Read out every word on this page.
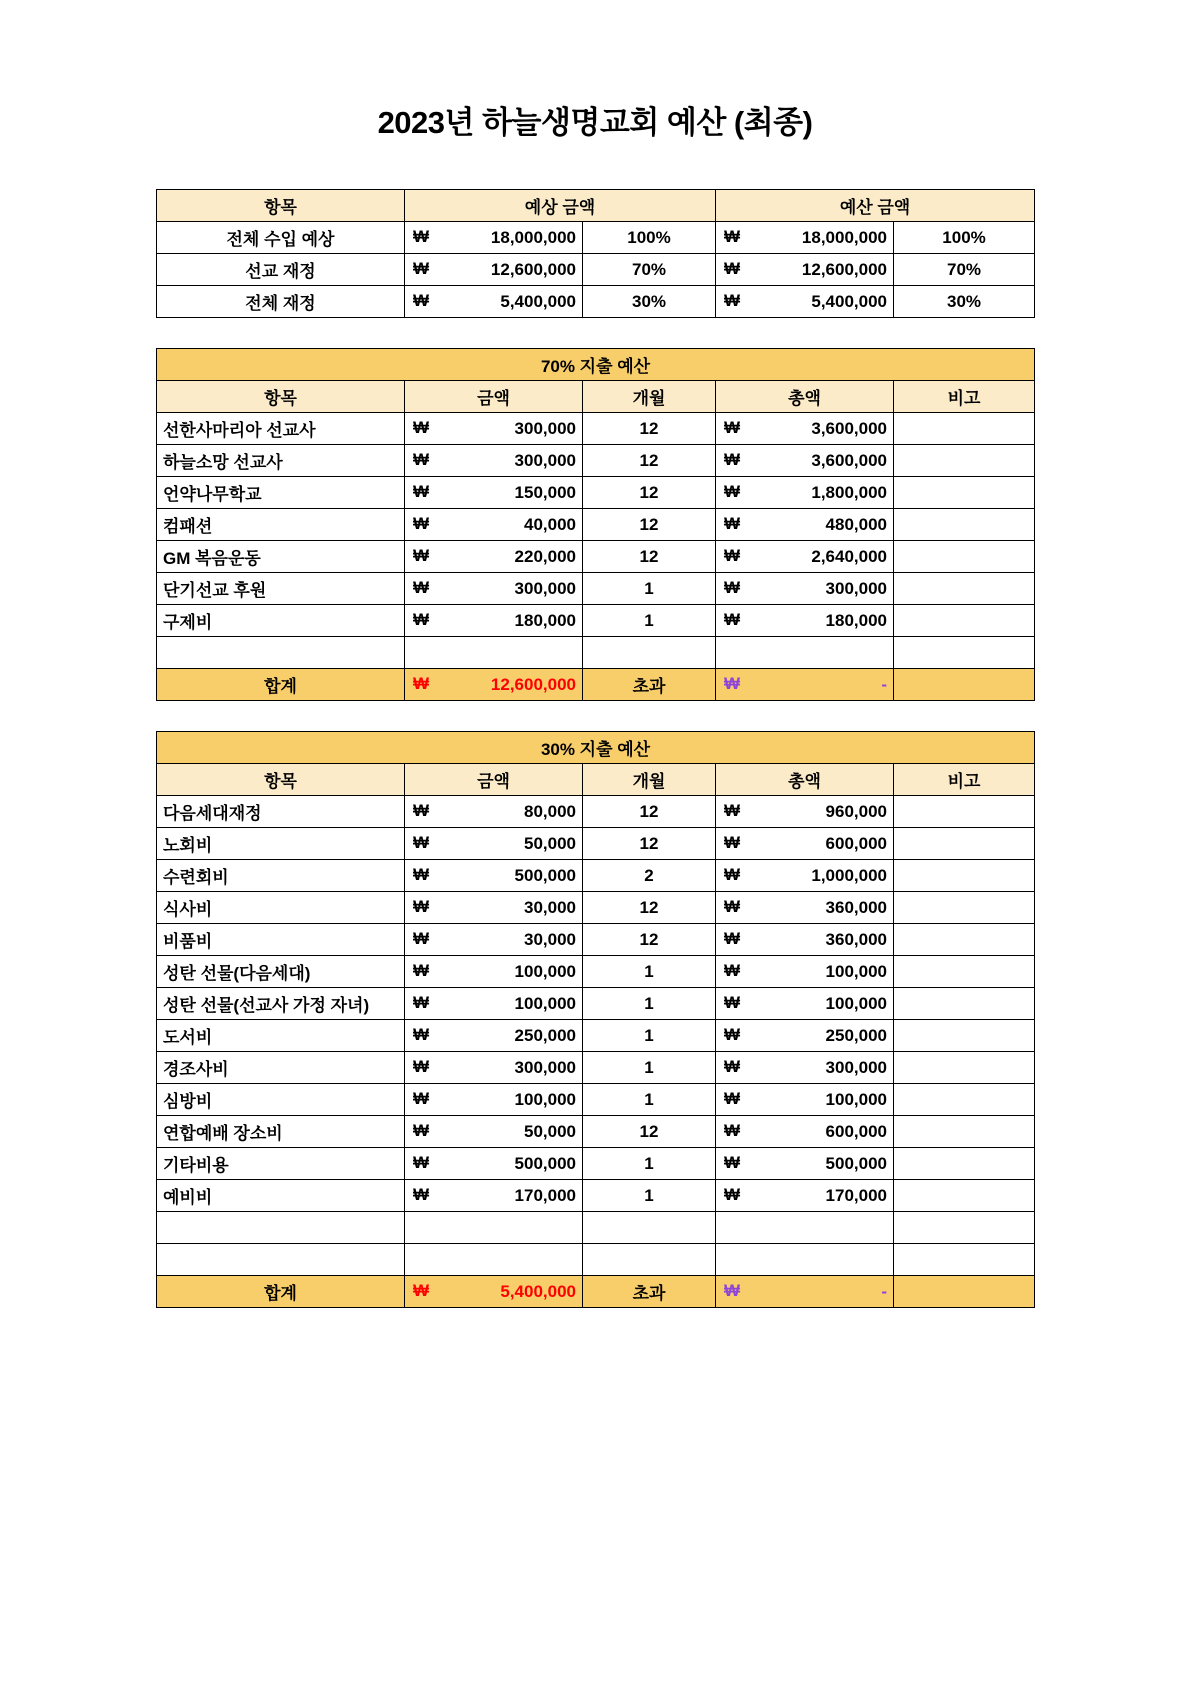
2023년 하늘생명교회 예산 (최종)
항목	예상 금액		예산 금액	
전체 수입 예상	₩ 18,000,000	100%	₩ 18,000,000	100%
선교 재정	₩ 12,600,000	70%	₩ 12,600,000	70%
전체 재정	₩ 5,400,000	30%	₩ 5,400,000	30%
70% 지출 예산				
항목	금액	개월	총액	비고
선한사마리아 선교사	₩ 300,000	12	₩ 3,600,000	

하늘소망 선교사	₩ 300,000	12	₩ 3,600,000	

언약나무학교	₩ 150,000	12	₩ 1,800,000	

컴패션	₩ 40,000	12	₩ 480,000	

GM 복음운동	₩ 220,000	12	₩ 2,640,000	

단기선교 후원	₩ 300,000	1	₩ 300,000	

구제비	₩ 180,000	1	₩ 180,000	

합계	₩ 12,600,000	초과	₩ -	

30% 지출 예산				
항목	금액	개월	총액	비고
다음세대재정	₩ 80,000	12	₩ 960,000	

노회비	₩ 50,000	12	₩ 600,000	

수련회비	₩ 500,000	2	₩ 1,000,000	

식사비	₩ 30,000	12	₩ 360,000	

비품비	₩ 30,000	12	₩ 360,000	

성탄 선물(다음세대)	₩ 100,000	1	₩ 100,000	

성탄 선물(선교사 가정 자녀)	₩ 100,000	1	₩ 100,000	

도서비	₩ 250,000	1	₩ 250,000	

경조사비	₩ 300,000	1	₩ 300,000	

심방비	₩ 100,000	1	₩ 100,000	

연합예배 장소비	₩ 50,000	12	₩ 600,000	

기타비용	₩ 500,000	1	₩ 500,000	

예비비	₩ 170,000	1	₩ 170,000	

합계	₩ 5,400,000	초과	₩ -	
